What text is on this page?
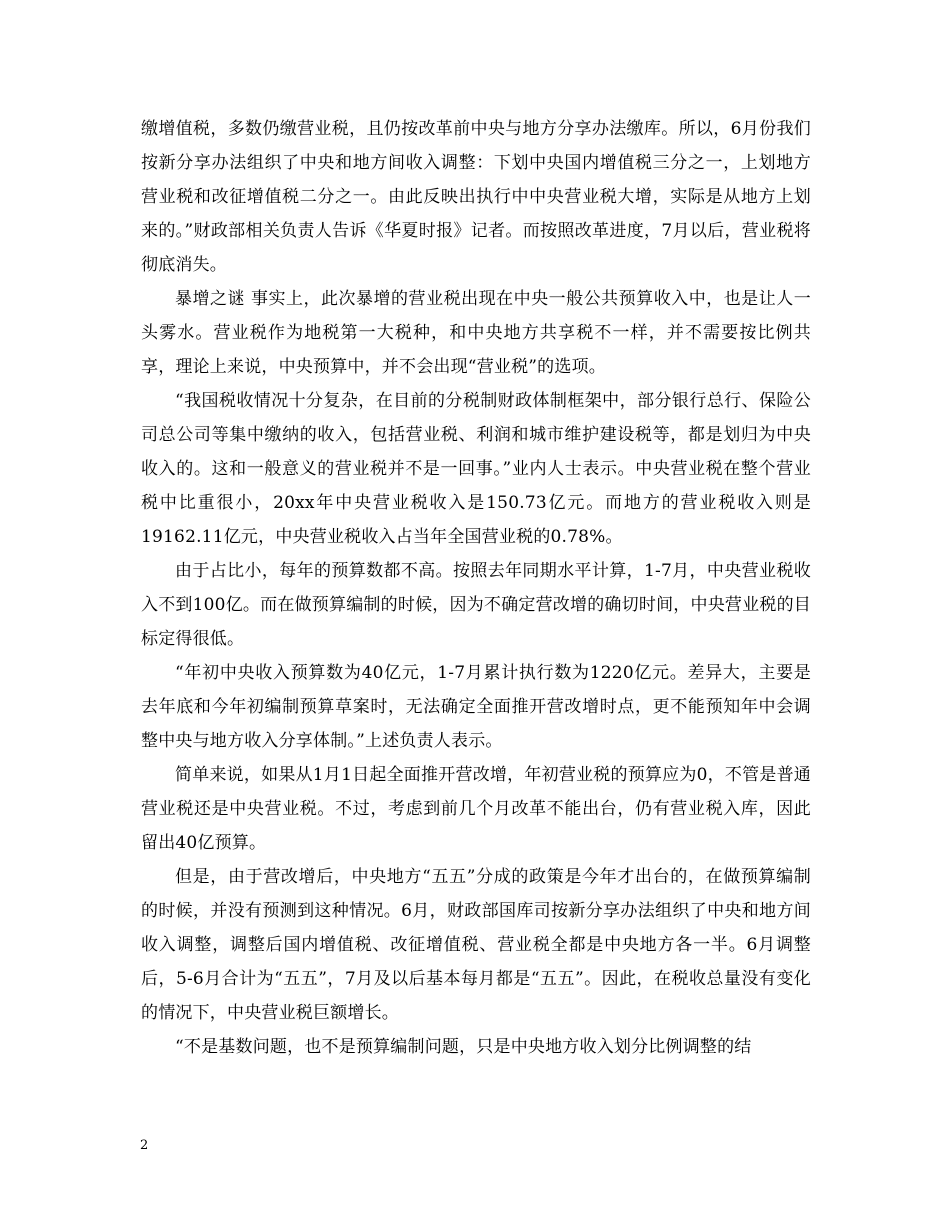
缴增值税，多数仍缴营业税，且仍按改革前中央与地方分享办法缴库。所以，6月份我们按新分享办法组织了中央和地方间收入调整：下划中央国内增值税三分之一，上划地方营业税和改征增值税二分之一。由此反映出执行中中央营业税大增，实际是从地方上划来的。”财政部相关负责人告诉《华夏时报》记者。而按照改革进度，7月以后，营业税将彻底消失。

暴增之谜 事实上，此次暴增的营业税出现在中央一般公共预算收入中，也是让人一头雾水。营业税作为地税第一大税种，和中央地方共享税不一样，并不需要按比例共享，理论上来说，中央预算中，并不会出现“营业税”的选项。

“我国税收情况十分复杂，在目前的分税制财政体制框架中，部分银行总行、保险公司总公司等集中缴纳的收入，包括营业税、利润和城市维护建设税等，都是划归为中央收入的。这和一般意义的营业税并不是一回事。”业内人士表示。中央营业税在整个营业税中比重很小，20xx年中央营业税收入是150.73亿元。而地方的营业税收入则是19162.11亿元，中央营业税收入占当年全国营业税的0.78%。

由于占比小，每年的预算数都不高。按照去年同期水平计算，1-7月，中央营业税收入不到100亿。而在做预算编制的时候，因为不确定营改增的确切时间，中央营业税的目标定得很低。

“年初中央收入预算数为40亿元，1-7月累计执行数为1220亿元。差异大，主要是去年底和今年初编制预算草案时，无法确定全面推开营改增时点，更不能预知年中会调整中央与地方收入分享体制。”上述负责人表示。

简单来说，如果从1月1日起全面推开营改增，年初营业税的预算应为0，不管是普通营业税还是中央营业税。不过，考虑到前几个月改革不能出台，仍有营业税入库，因此留出40亿预算。

但是，由于营改增后，中央地方“五五”分成的政策是今年才出台的，在做预算编制的时候，并没有预测到这种情况。6月，财政部国库司按新分享办法组织了中央和地方间收入调整，调整后国内增值税、改征增值税、营业税全都是中央地方各一半。6月调整后，5-6月合计为“五五”，7月及以后基本每月都是“五五”。因此，在税收总量没有变化的情况下，中央营业税巨额增长。

“不是基数问题，也不是预算编制问题，只是中央地方收入划分比例调整的结

2
